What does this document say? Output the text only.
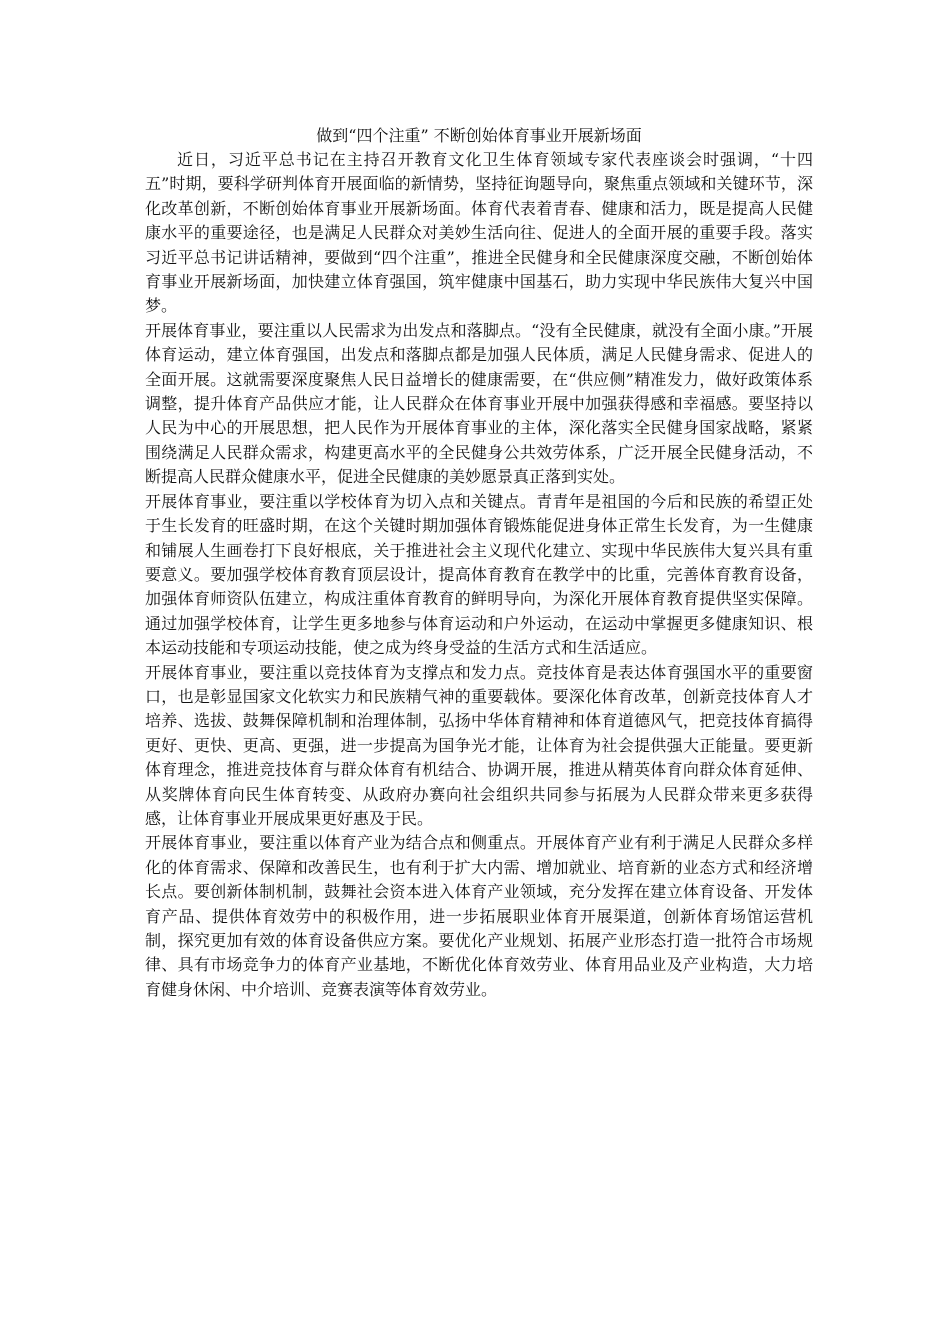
做到“四个注重” 不断创始体育事业开展新场面

近日，习近平总书记在主持召开教育文化卫生体育领域专家代表座谈会时强调，“十四五”时期，要科学研判体育开展面临的新情势，坚持征询题导向，聚焦重点领域和关键环节，深化改革创新，不断创始体育事业开展新场面。体育代表着青春、健康和活力，既是提高人民健康水平的重要途径，也是满足人民群众对美妙生活向往、促进人的全面开展的重要手段。落实习近平总书记讲话精神，要做到“四个注重”，推进全民健身和全民健康深度交融，不断创始体育事业开展新场面，加快建立体育强国，筑牢健康中国基石，助力实现中华民族伟大复兴中国梦。

开展体育事业，要注重以人民需求为出发点和落脚点。“没有全民健康，就没有全面小康。”开展体育运动，建立体育强国，出发点和落脚点都是加强人民体质，满足人民健身需求、促进人的全面开展。这就需要深度聚焦人民日益增长的健康需要，在“供应侧”精准发力，做好政策体系调整，提升体育产品供应才能，让人民群众在体育事业开展中加强获得感和幸福感。要坚持以人民为中心的开展思想，把人民作为开展体育事业的主体，深化落实全民健身国家战略，紧紧围绕满足人民群众需求，构建更高水平的全民健身公共效劳体系，广泛开展全民健身活动，不断提高人民群众健康水平，促进全民健康的美妙愿景真正落到实处。

开展体育事业，要注重以学校体育为切入点和关键点。青青年是祖国的今后和民族的希望正处于生长发育的旺盛时期，在这个关键时期加强体育锻炼能促进身体正常生长发育，为一生健康和铺展人生画卷打下良好根底，关于推进社会主义现代化建立、实现中华民族伟大复兴具有重要意义。要加强学校体育教育顶层设计，提高体育教育在教学中的比重，完善体育教育设备，加强体育师资队伍建立，构成注重体育教育的鲜明导向，为深化开展体育教育提供坚实保障。通过加强学校体育，让学生更多地参与体育运动和户外运动，在运动中掌握更多健康知识、根本运动技能和专项运动技能，使之成为终身受益的生活方式和生活适应。

开展体育事业，要注重以竞技体育为支撑点和发力点。竞技体育是表达体育强国水平的重要窗口，也是彰显国家文化软实力和民族精气神的重要载体。要深化体育改革，创新竞技体育人才培养、选拔、鼓舞保障机制和治理体制，弘扬中华体育精神和体育道德风气，把竞技体育搞得更好、更快、更高、更强，进一步提高为国争光才能，让体育为社会提供强大正能量。要更新体育理念，推进竞技体育与群众体育有机结合、协调开展，推进从精英体育向群众体育延伸、从奖牌体育向民生体育转变、从政府办赛向社会组织共同参与拓展为人民群众带来更多获得感，让体育事业开展成果更好惠及于民。

开展体育事业，要注重以体育产业为结合点和侧重点。开展体育产业有利于满足人民群众多样化的体育需求、保障和改善民生，也有利于扩大内需、增加就业、培育新的业态方式和经济增长点。要创新体制机制，鼓舞社会资本进入体育产业领域，充分发挥在建立体育设备、开发体育产品、提供体育效劳中的积极作用，进一步拓展职业体育开展渠道，创新体育场馆运营机制，探究更加有效的体育设备供应方案。要优化产业规划、拓展产业形态打造一批符合市场规律、具有市场竞争力的体育产业基地，不断优化体育效劳业、体育用品业及产业构造，大力培育健身休闲、中介培训、竞赛表演等体育效劳业。
